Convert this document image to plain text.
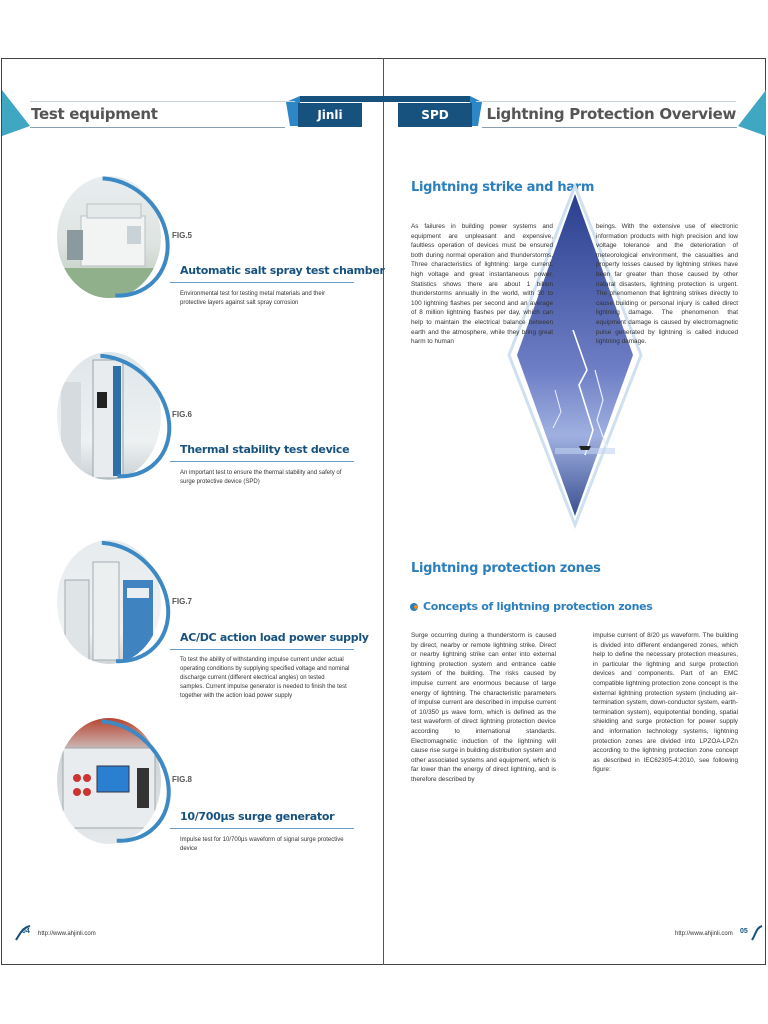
Test equipment	Jinli Electric
SPD Specialist
Lightning Protection Overview
FIG.5
Automatic salt spray test chamber
Environmental test for testing metal materials and their protective layers against salt spray corrosion
FIG.6
Thermal stability test device
An important test to ensure the thermal stability and safety of surge protective device (SPD)
FIG.7
AC/DC action load power supply
To test the ability of withstanding impulse current under actual operating conditions by supplying specified voltage and nominal discharge current (different electrical angles) on tested samples. Current impulse generator is needed to finish the test together with the action load power supply
FIG.8
10/700μs surge generator
Impulse test for 10/700μs waveform of signal surge protective device
Lightning strike and harm
As failures in building power systems and equipment are unpleasant and expensive, faultless operation of devices must be ensured both during normal operation and thunderstorms. Three characteristics of lightning: large current, high voltage and great instantaneous power. Statistics shows there are about 1 billion thunderstorms annually in the world, with 30 to 100 lightning flashes per second and an average of 8 million lightning flashes per day, which can help to maintain the electrical balance between earth and the atmosphere, while they bring great harm to human
beings. With the extensive use of electronic information products with high precision and low voltage tolerance and the deterioration of meteorological environment, the casualties and property losses caused by lightning strikes have been far greater than those caused by other natural disasters, lightning protection is urgent. The phenomenon that lightning strikes directly to cause building or personal injury is called direct lightning damage. The phenomenon that equipment damage is caused by electromagnetic pulse generated by lightning is called induced lightning damage.
Lightning protection zones
Concepts of lightning protection zones
Surge occurring during a thunderstorm is caused by direct, nearby or remote lightning strike. Direct or nearby lightning strike can enter into external lightning protection system and entrance cable system of the building. The risks caused by impulse current are enormous because of large energy of lightning. The characteristic parameters of impulse current are described in impulse current of 10/350 μs wave form, which is defined as the test waveform of direct lightning protection device according to international standards. Electromagnetic induction of the lightning will cause rise surge in building distribution system and other associated systems and equipment, which is far lower than the energy of direct lightning, and is therefore described by
impulse current of 8/20 μs waveform. The building is divided into different endangered zones, which help to define the necessary protection measures, in particular the lightning and surge protection devices and components. Part of an EMC compatible lightning protection zone concept is the external lightning protection system (including air-termination system, down-conductor system, earth-termination system), equipotential bonding, spatial shielding and surge protection for power supply and information technology systems, lightning protection zones are divided into LPZOA-LPZn according to the lightning protection zone concept as described in IEC62305-4:2010, see following figure:
04 http://www.ahjinli.com	http://www.ahjinli.com 05
